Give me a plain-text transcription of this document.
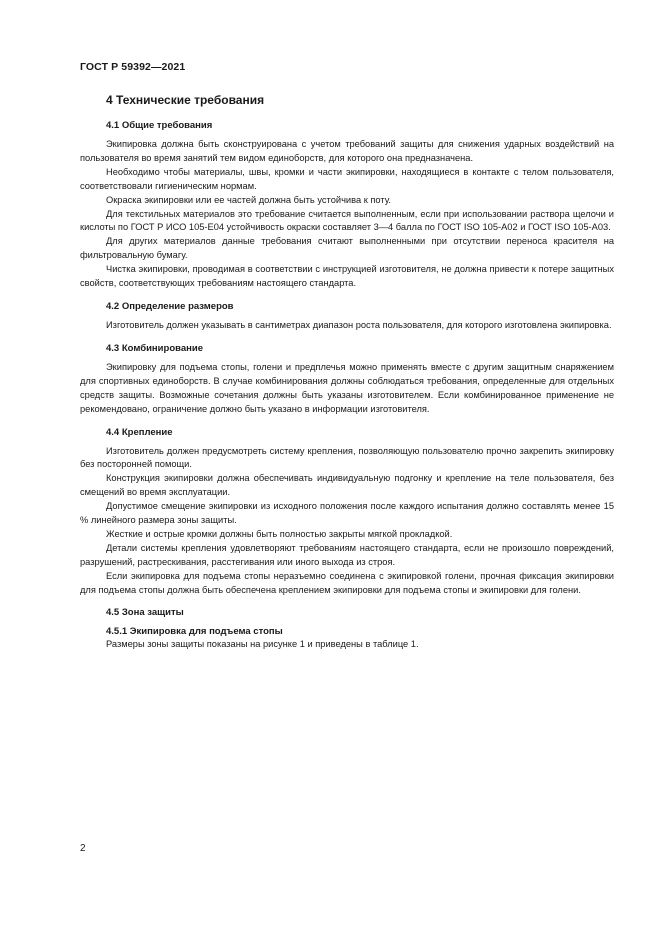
ГОСТ Р 59392—2021
4 Технические требования
4.1 Общие требования

Экипировка должна быть сконструирована с учетом требований защиты для снижения ударных воздействий на пользователя во время занятий тем видом единоборств, для которого она предназначена.

Необходимо чтобы материалы, швы, кромки и части экипировки, находящиеся в контакте с телом пользователя, соответствовали гигиеническим нормам.

Окраска экипировки или ее частей должна быть устойчива к поту.

Для текстильных материалов это требование считается выполненным, если при использовании раствора щелочи и кислоты по ГОСТ Р ИСО 105-Е04 устойчивость окраски составляет 3—4 балла по ГОСТ ISO 105-A02 и ГОСТ ISO 105-A03.

Для других материалов данные требования считают выполненными при отсутствии переноса красителя на фильтровальную бумагу.

Чистка экипировки, проводимая в соответствии с инструкцией изготовителя, не должна привести к потере защитных свойств, соответствующих требованиям настоящего стандарта.

4.2 Определение размеров

Изготовитель должен указывать в сантиметрах диапазон роста пользователя, для которого изготовлена экипировка.

4.3 Комбинирование

Экипировку для подъема стопы, голени и предплечья можно применять вместе с другим защитным снаряжением для спортивных единоборств. В случае комбинирования должны соблюдаться требования, определенные для отдельных средств защиты. Возможные сочетания должны быть указаны изготовителем. Если комбинированное применение не рекомендовано, ограничение должно быть указано в информации изготовителя.

4.4 Крепление

Изготовитель должен предусмотреть систему крепления, позволяющую пользователю прочно закрепить экипировку без посторонней помощи.

Конструкция экипировки должна обеспечивать индивидуальную подгонку и крепление на теле пользователя, без смещений во время эксплуатации.

Допустимое смещение экипировки из исходного положения после каждого испытания должно составлять менее 15 % линейного размера зоны защиты.

Жесткие и острые кромки должны быть полностью закрыты мягкой прокладкой.

Детали системы крепления удовлетворяют требованиям настоящего стандарта, если не произошло повреждений, разрушений, растрескивания, расстегивания или иного выхода из строя.

Если экипировка для подъема стопы неразъемно соединена с экипировкой голени, прочная фиксация экипировки для подъема стопы должна быть обеспечена креплением экипировки для подъема стопы и экипировки для голени.

4.5 Зона защиты
4.5.1 Экипировка для подъема стопы

Размеры зоны защиты показаны на рисунке 1 и приведены в таблице 1.

2
